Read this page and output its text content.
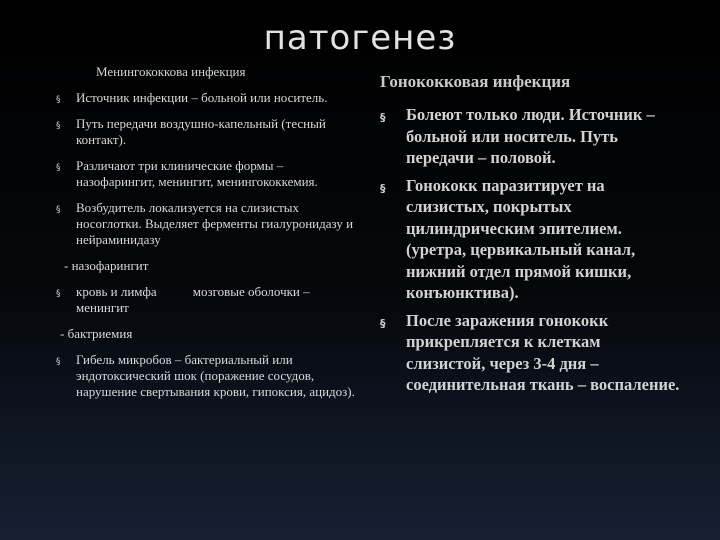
патогенез
Менингококкова инфекция
§ Источник инфекции – больной или носитель.
§ Путь передачи воздушно-капельный (тесный контакт).
§ Различают три клинические формы –назофарингит, менингит, менингококкемия.
§ Возбудитель локализуется на слизистых носоглотки. Выделяет ферменты гиалуронидазу и нейраминидазу
- назофарингит
§ кровь и лимфа	мозговые оболочки – менингит
- бактриемия
§ Гибель микробов – бактериальный или эндотоксический шок (поражение сосудов, нарушение свертывания крови, гипоксия, ацидоз).
Гонококковая инфекция
§ Болеют только люди. Источник – больной или носитель. Путь передачи – половой.
§ Гонококк паразитирует на слизистых, покрытых цилиндрическим эпителием. (уретра, цервикальный канал, нижний отдел прямой кишки, конъюнктива).
§ После заражения гонококк прикрепляется к клеткам слизистой, через 3-4 дня – соединительная ткань – воспаление.
